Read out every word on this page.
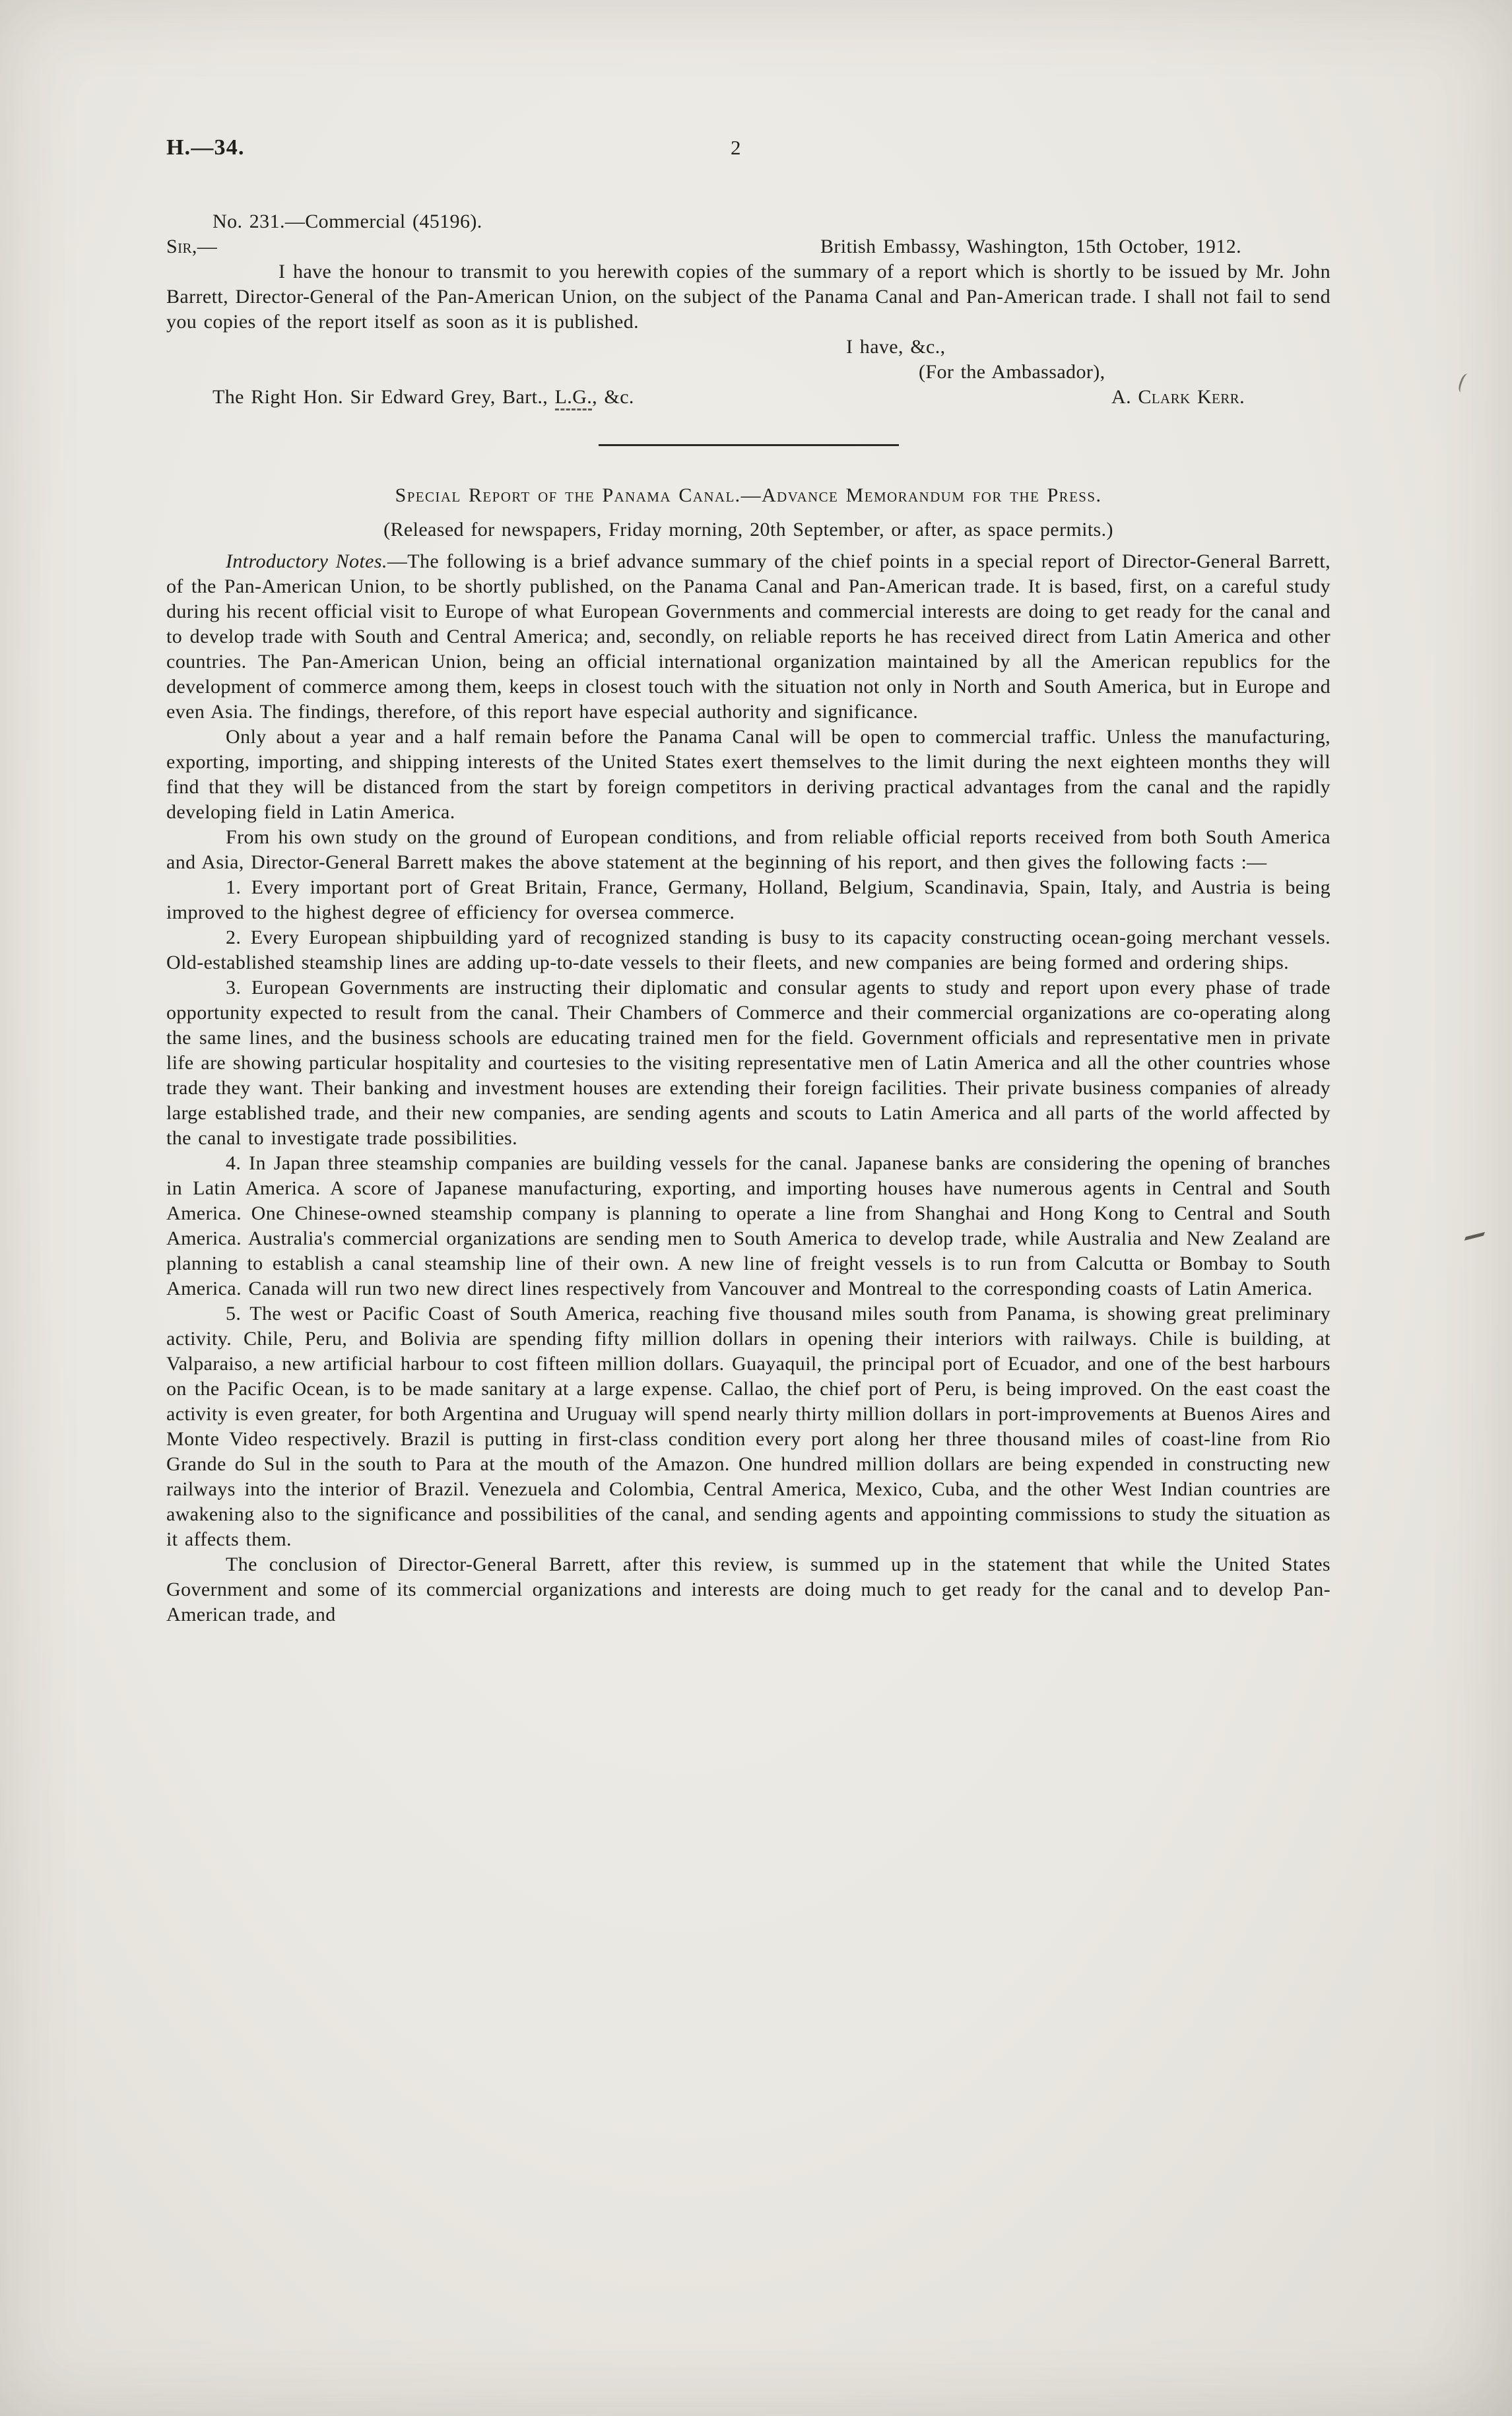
H.—34.	2

No. 231.—Commercial (45196).

Sir,—	British Embassy, Washington, 15th October, 1912.

I have the honour to transmit to you herewith copies of the summary of a report which is shortly to be issued by Mr. John Barrett, Director-General of the Pan-American Union, on the subject of the Panama Canal and Pan-American trade. I shall not fail to send you copies of the report itself as soon as it is published.

I have, &c.,

(For the Ambassador),

The Right Hon. Sir Edward Grey, Bart., L.G., &c.	A. Clark Kerr.
Special Report of the Panama Canal.—Advance Memorandum for the Press.

(Released for newspapers, Friday morning, 20th September, or after, as space permits.)

Introductory Notes.—The following is a brief advance summary of the chief points in a special report of Director-General Barrett, of the Pan-American Union, to be shortly published, on the Panama Canal and Pan-American trade. It is based, first, on a careful study during his recent official visit to Europe of what European Governments and commercial interests are doing to get ready for the canal and to develop trade with South and Central America; and, secondly, on reliable reports he has received direct from Latin America and other countries. The Pan-American Union, being an official international organization maintained by all the American republics for the development of commerce among them, keeps in closest touch with the situation not only in North and South America, but in Europe and even Asia. The findings, therefore, of this report have especial authority and significance.

Only about a year and a half remain before the Panama Canal will be open to commercial traffic. Unless the manufacturing, exporting, importing, and shipping interests of the United States exert themselves to the limit during the next eighteen months they will find that they will be distanced from the start by foreign competitors in deriving practical advantages from the canal and the rapidly developing field in Latin America.

From his own study on the ground of European conditions, and from reliable official reports received from both South America and Asia, Director-General Barrett makes the above statement at the beginning of his report, and then gives the following facts :—

1. Every important port of Great Britain, France, Germany, Holland, Belgium, Scandinavia, Spain, Italy, and Austria is being improved to the highest degree of efficiency for oversea commerce.

2. Every European shipbuilding yard of recognized standing is busy to its capacity constructing ocean-going merchant vessels. Old-established steamship lines are adding up-to-date vessels to their fleets, and new companies are being formed and ordering ships.

3. European Governments are instructing their diplomatic and consular agents to study and report upon every phase of trade opportunity expected to result from the canal. Their Chambers of Commerce and their commercial organizations are co-operating along the same lines, and the business schools are educating trained men for the field. Government officials and representative men in private life are showing particular hospitality and courtesies to the visiting representative men of Latin America and all the other countries whose trade they want. Their banking and investment houses are extending their foreign facilities. Their private business companies of already large established trade, and their new companies, are sending agents and scouts to Latin America and all parts of the world affected by the canal to investigate trade possibilities.

4. In Japan three steamship companies are building vessels for the canal. Japanese banks are considering the opening of branches in Latin America. A score of Japanese manufacturing, exporting, and importing houses have numerous agents in Central and South America. One Chinese-owned steamship company is planning to operate a line from Shanghai and Hong Kong to Central and South America. Australia's commercial organizations are sending men to South America to develop trade, while Australia and New Zealand are planning to establish a canal steamship line of their own. A new line of freight vessels is to run from Calcutta or Bombay to South America. Canada will run two new direct lines respectively from Vancouver and Montreal to the corresponding coasts of Latin America.

5. The west or Pacific Coast of South America, reaching five thousand miles south from Panama, is showing great preliminary activity. Chile, Peru, and Bolivia are spending fifty million dollars in opening their interiors with railways. Chile is building, at Valparaiso, a new artificial harbour to cost fifteen million dollars. Guayaquil, the principal port of Ecuador, and one of the best harbours on the Pacific Ocean, is to be made sanitary at a large expense. Callao, the chief port of Peru, is being improved. On the east coast the activity is even greater, for both Argentina and Uruguay will spend nearly thirty million dollars in port-improvements at Buenos Aires and Monte Video respectively. Brazil is putting in first-class condition every port along her three thousand miles of coast-line from Rio Grande do Sul in the south to Para at the mouth of the Amazon. One hundred million dollars are being expended in constructing new railways into the interior of Brazil. Venezuela and Colombia, Central America, Mexico, Cuba, and the other West Indian countries are awakening also to the significance and possibilities of the canal, and sending agents and appointing commissions to study the situation as it affects them.

The conclusion of Director-General Barrett, after this review, is summed up in the statement that while the United States Government and some of its commercial organizations and interests are doing much to get ready for the canal and to develop Pan-American trade, and
